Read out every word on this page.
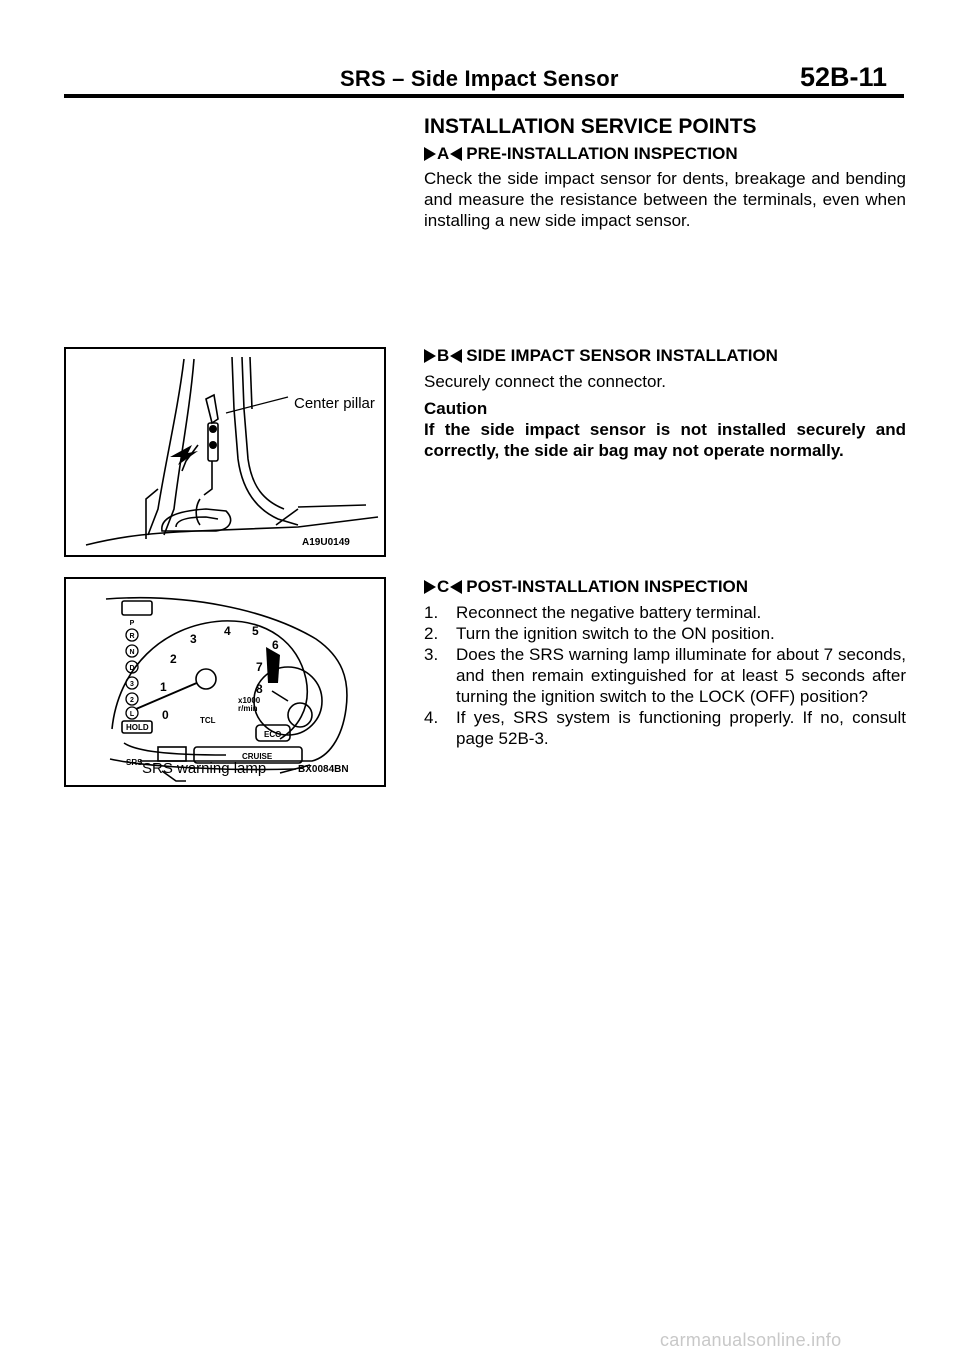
SRS – Side Impact Sensor	52B-11
INSTALLATION SERVICE POINTS
A PRE-INSTALLATION INSPECTION
Check the side impact sensor for dents, breakage and bending and measure the resistance between the terminals, even when installing a new side impact sensor.
B SIDE IMPACT SENSOR INSTALLATION
Securely connect the connector.
Caution
If the side impact sensor is not installed securely and correctly, the side air bag may not operate normally.
C POST-INSTALLATION INSPECTION
1.	Reconnect the negative battery terminal.
2.	Turn the ignition switch to the ON position.
3.	Does the SRS warning lamp illuminate for about 7 seconds, and then remain extinguished for at least 5 seconds after turning the ignition switch to the LOCK (OFF) position?
4.	If yes, SRS system is functioning properly. If no, consult page 52B-3.
Center pillar
A19U0149
0
1
2
3
4 5
6
7
8
x1000
r/min
TCL
HOLD
ECO
SRS
CRUISE
P
R
N
D
3
2
L
SRS warning lamp	BX0084BN
carmanualsonline.info
